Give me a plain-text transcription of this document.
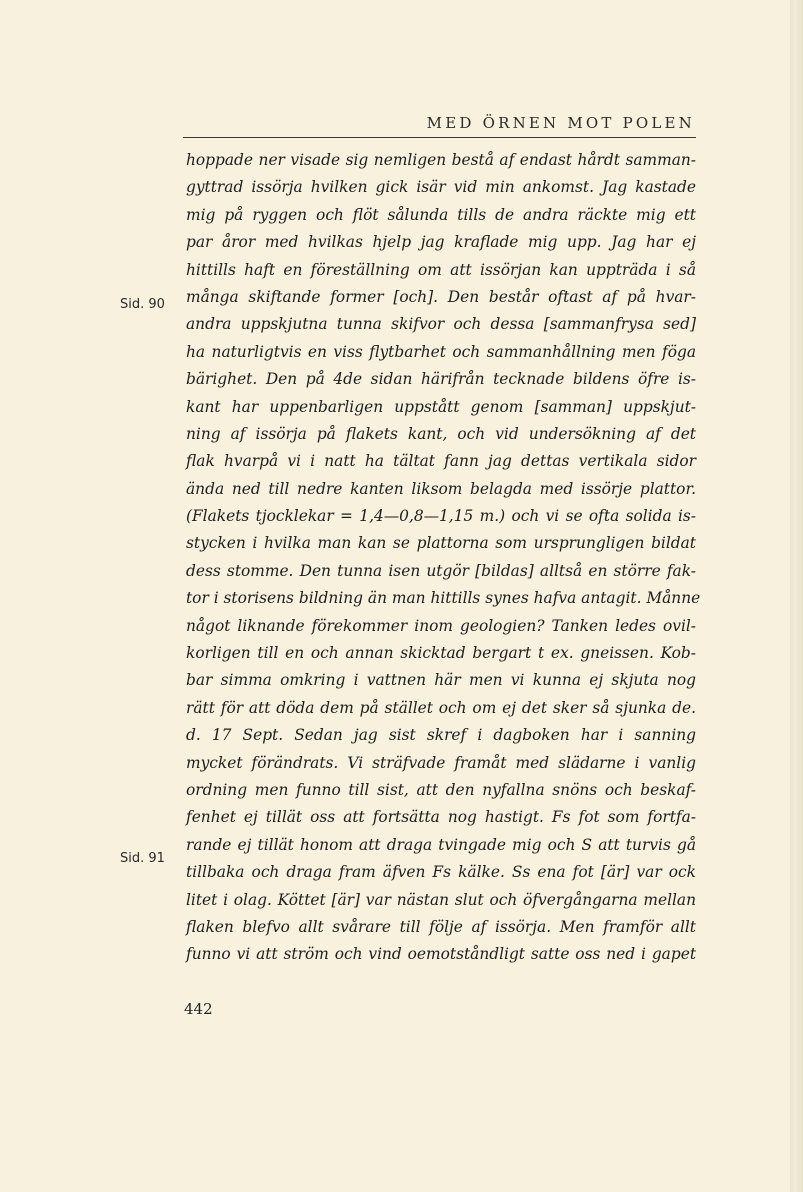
MED ÖRNEN MOT POLEN
Sid. 90
Sid. 91
hoppade ner visade sig nemligen bestå af endast hårdt samman-
gyttrad issörja hvilken gick isär vid min ankomst. Jag kastade
mig på ryggen och flöt sålunda tills de andra räckte mig ett
par åror med hvilkas hjelp jag kraflade mig upp. Jag har ej
hittills haft en föreställning om att issörjan kan uppträda i så
många skiftande former [och]. Den består oftast af på hvar-
andra uppskjutna tunna skifvor och dessa [sammanfrysa sed]
ha naturligtvis en viss flytbarhet och sammanhållning men föga
bärighet. Den på 4de sidan härifrån tecknade bildens öfre is-
kant har uppenbarligen uppstått genom [samman] uppskjut-
ning af issörja på flakets kant, och vid undersökning af det
flak hvarpå vi i natt ha tältat fann jag dettas vertikala sidor
ända ned till nedre kanten liksom belagda med issörje plattor.
(Flakets tjocklekar = 1,4—0,8—1,15 m.) och vi se ofta solida is-
stycken i hvilka man kan se plattorna som ursprungligen bildat
dess stomme. Den tunna isen utgör [bildas] alltså en större fak-
tor i storisens bildning än man hittills synes hafva antagit. Månne
något liknande förekommer inom geologien? Tanken ledes ovil-
korligen till en och annan skicktad bergart t ex. gneissen. Kob-
bar simma omkring i vattnen här men vi kunna ej skjuta nog
rätt för att döda dem på stället och om ej det sker så sjunka de.
d. 17 Sept. Sedan jag sist skref i dagboken har i sanning
mycket förändrats. Vi sträfvade framåt med slädarne i vanlig
ordning men funno till sist, att den nyfallna snöns och beskaf-
fenhet ej tillät oss att fortsätta nog hastigt. Fs fot som fortfa-
rande ej tillät honom att draga tvingade mig och S att turvis gå
tillbaka och draga fram äfven Fs kälke. Ss ena fot [är] var ock
litet i olag. Köttet [är] var nästan slut och öfvergångarna mellan
flaken blefvo allt svårare till följe af issörja. Men framför allt
funno vi att ström och vind oemotståndligt satte oss ned i gapet
442
